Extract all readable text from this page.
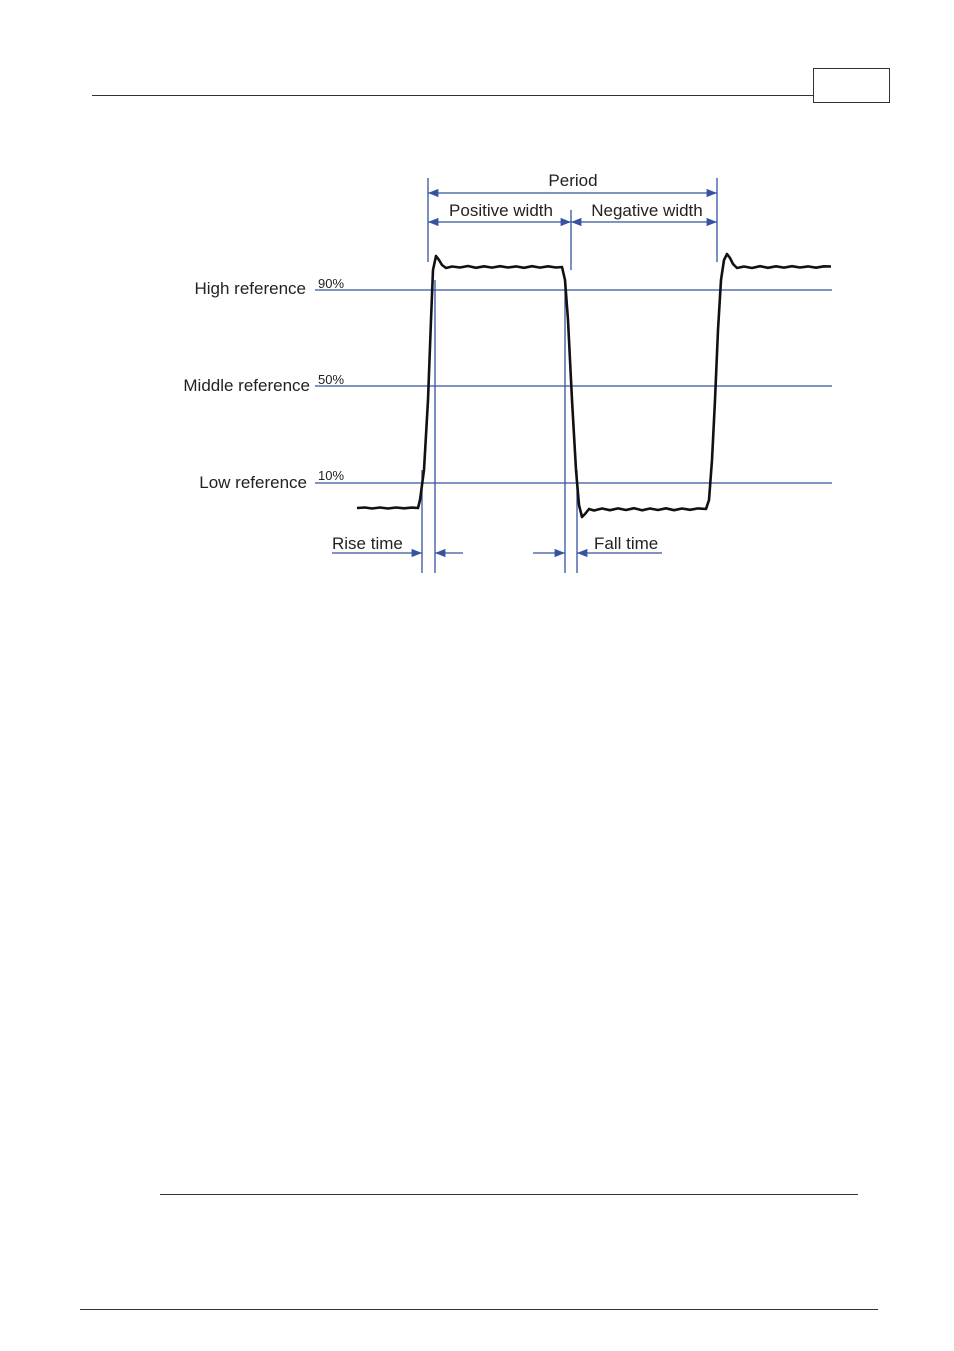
High reference 90%
Middle reference 50%
Low reference 10%
Period
Positive width Negative width
Rise time	Fall time
